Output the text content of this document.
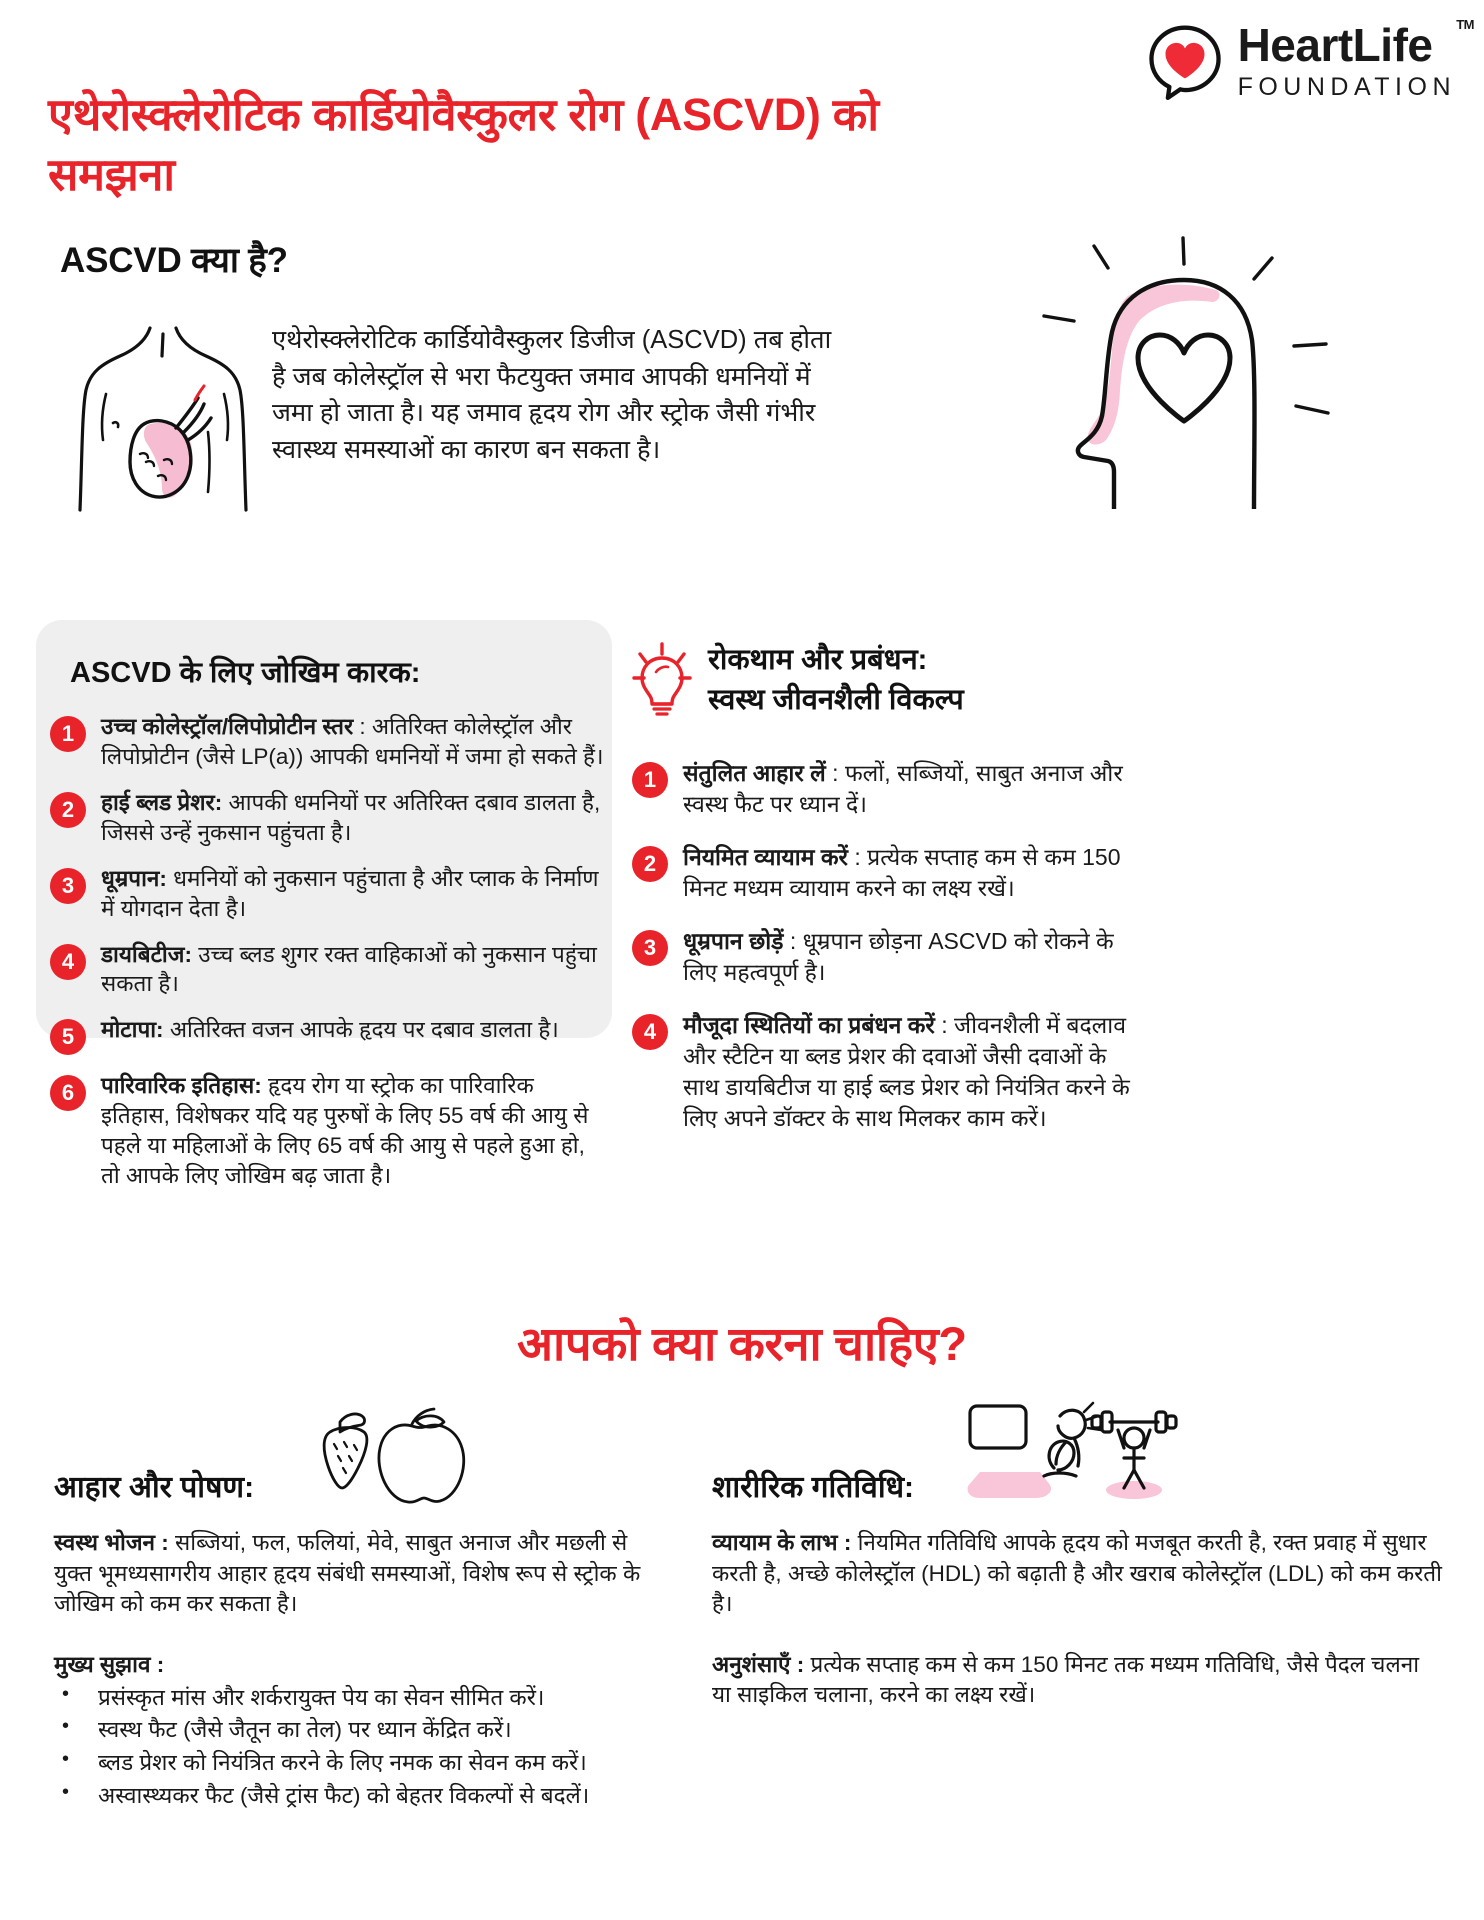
HeartLife TM
FOUNDATION
एथेरोस्क्लेरोटिक कार्डियोवैस्कुलर रोग (ASCVD) को समझना
ASCVD क्या है?

एथेरोस्क्लेरोटिक कार्डियोवैस्कुलर डिजीज (ASCVD) तब होता है जब कोलेस्ट्रॉल से भरा फैटयुक्त जमाव आपकी धमनियों में जमा हो जाता है। यह जमाव हृदय रोग और स्ट्रोक जैसी गंभीर स्वास्थ्य समस्याओं का कारण बन सकता है।

ASCVD के लिए जोखिम कारक:
1	उच्च कोलेस्ट्रॉल/लिपोप्रोटीन स्तर : अतिरिक्त कोलेस्ट्रॉल और लिपोप्रोटीन (जैसे LP(a)) आपकी धमनियों में जमा हो सकते हैं।
2	हाई ब्लड प्रेशर: आपकी धमनियों पर अतिरिक्त दबाव डालता है, जिससे उन्हें नुकसान पहुंचता है।
3	धूम्रपान: धमनियों को नुकसान पहुंचाता है और प्लाक के निर्माण में योगदान देता है।
4	डायबिटीज: उच्च ब्लड शुगर रक्त वाहिकाओं को नुकसान पहुंचा सकता है।
5	मोटापा: अतिरिक्त वजन आपके हृदय पर दबाव डालता है।
6	पारिवारिक इतिहास: हृदय रोग या स्ट्रोक का पारिवारिक इतिहास, विशेषकर यदि यह पुरुषों के लिए 55 वर्ष की आयु से पहले या महिलाओं के लिए 65 वर्ष की आयु से पहले हुआ हो, तो आपके लिए जोखिम बढ़ जाता है।
रोकथाम और प्रबंधन:
स्वस्थ जीवनशैली विकल्प
1	संतुलित आहार लें : फलों, सब्जियों, साबुत अनाज और स्वस्थ फैट पर ध्यान दें।
2	नियमित व्यायाम करें : प्रत्येक सप्ताह कम से कम 150 मिनट मध्यम व्यायाम करने का लक्ष्य रखें।
3	धूम्रपान छोड़ें : धूम्रपान छोड़ना ASCVD को रोकने के लिए महत्वपूर्ण है।
4	मौजूदा स्थितियों का प्रबंधन करें : जीवनशैली में बदलाव और स्टैटिन या ब्लड प्रेशर की दवाओं जैसी दवाओं के साथ डायबिटीज या हाई ब्लड प्रेशर को नियंत्रित करने के लिए अपने डॉक्टर के साथ मिलकर काम करें।
आपको क्या करना चाहिए?
आहार और पोषण:

स्वस्थ भोजन : सब्जियां, फल, फलियां, मेवे, साबुत अनाज और मछली से युक्त भूमध्यसागरीय आहार हृदय संबंधी समस्याओं, विशेष रूप से स्ट्रोक के जोखिम को कम कर सकता है।

मुख्य सुझाव :
• प्रसंस्कृत मांस और शर्करायुक्त पेय का सेवन सीमित करें।
• स्वस्थ फैट (जैसे जैतून का तेल) पर ध्यान केंद्रित करें।
• ब्लड प्रेशर को नियंत्रित करने के लिए नमक का सेवन कम करें।
• अस्वास्थ्यकर फैट (जैसे ट्रांस फैट) को बेहतर विकल्पों से बदलें।
शारीरिक गतिविधि:

व्यायाम के लाभ : नियमित गतिविधि आपके हृदय को मजबूत करती है, रक्त प्रवाह में सुधार करती है, अच्छे कोलेस्ट्रॉल (HDL) को बढ़ाती है और खराब कोलेस्ट्रॉल (LDL) को कम करती है।

अनुशंसाएँ : प्रत्येक सप्ताह कम से कम 150 मिनट तक मध्यम गतिविधि, जैसे पैदल चलना या साइकिल चलाना, करने का लक्ष्य रखें।
